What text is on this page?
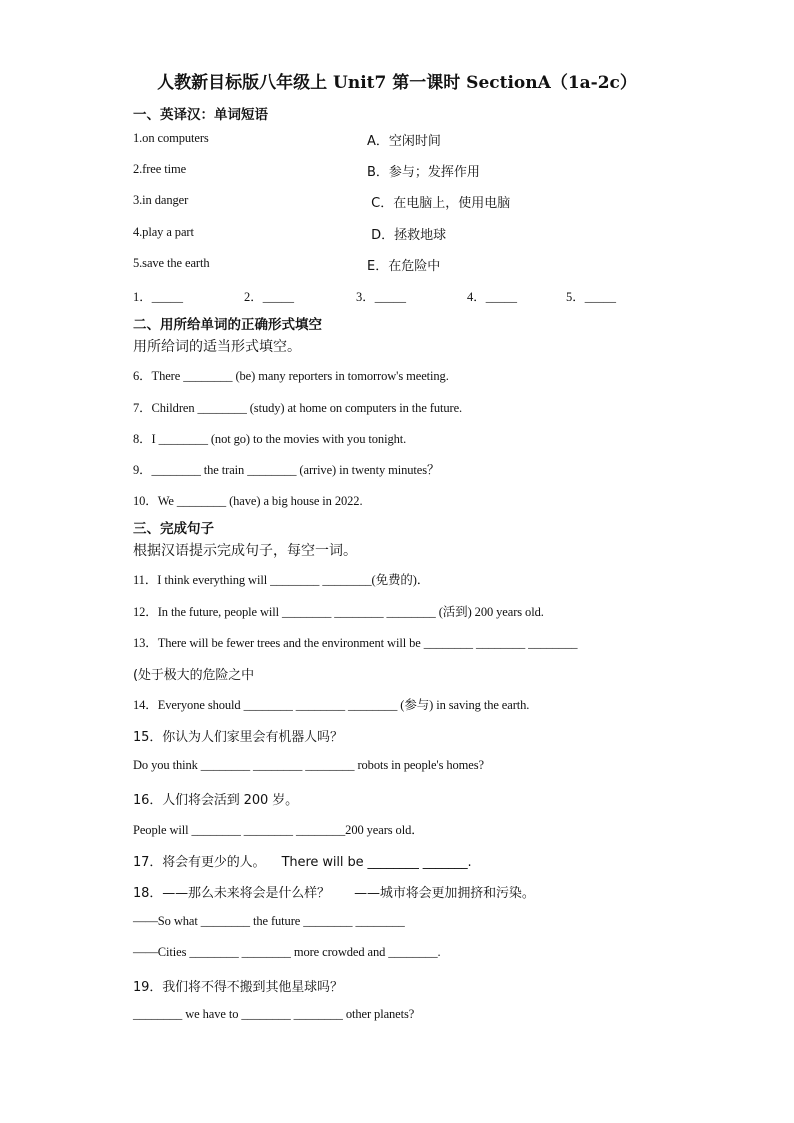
人教新目标版八年级上 Unit7 第一课时 SectionA（1a-2c）
一、英译汉：单词短语
1.on computers
2.free time
3.in danger
4.play a part
5.save the earth
A．空闲时间
B．参与；发挥作用
C．在电脑上，使用电脑
D．拯救地球
E．在危险中
1．_____	2．_____	3．_____	4．_____	5．_____
二、用所给单词的正确形式填空
用所给词的适当形式填空。
6．There ________ (be) many reporters in tomorrow's meeting.
7．Children ________ (study) at home on computers in the future.
8．I ________ (not go) to the movies with you tonight.
9．________ the train ________ (arrive) in twenty minutes？
10．We ________ (have) a big house in 2022.
三、完成句子
根据汉语提示完成句子，每空一词。
11．I think everything will ________ ________(免费的)．
12．In the future, people will ________ ________ ________ (活到) 200 years old.
13．There will be fewer trees and the environment will be ________ ________ ________
(处于极大的危险之中
14．Everyone should ________ ________ ________ (参与) in saving the earth.
15．你认为人们家里会有机器人吗？
Do you think ________ ________ ________ robots in people's homes?
16．人们将会活到 200 岁。
People will ________ ________ ________200 years old．
17．将会有更少的人。    There will be ________ _______.
18．——那么未来将会是什么样？      ——城市将会更加拥挤和污染。
——So what ________ the future ________ ________
——Cities ________ ________ more crowded and ________.
19．我们将不得不搬到其他星球吗？
________ we have to ________ ________ other planets?
